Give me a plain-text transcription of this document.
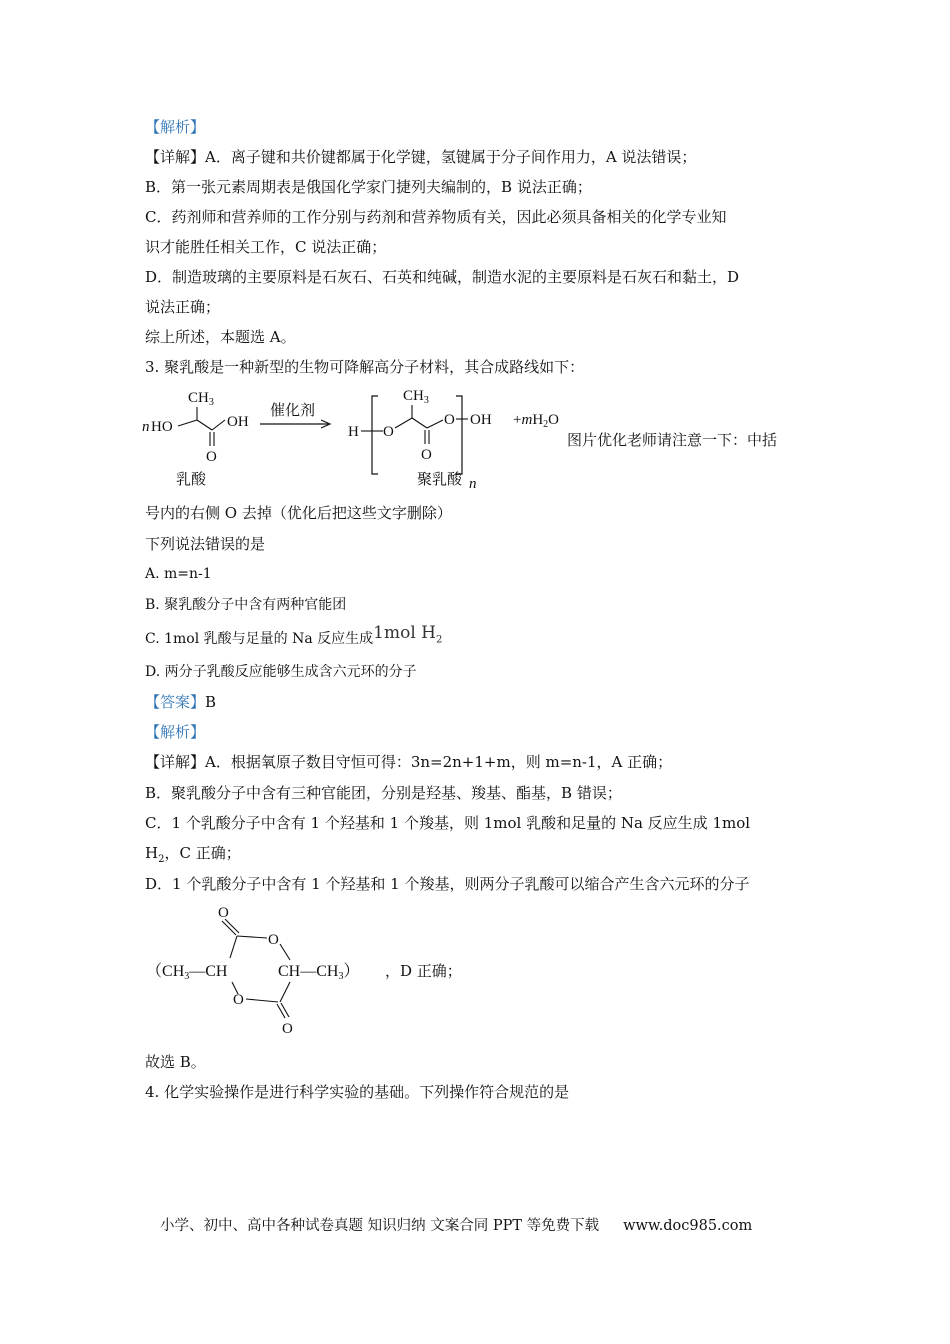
【解析】
【详解】A．离子键和共价键都属于化学键，氢键属于分子间作用力，A 说法错误；
B．第一张元素周期表是俄国化学家门捷列夫编制的，B 说法正确；
C．药剂师和营养师的工作分别与药剂和营养物质有关，因此必须具备相关的化学专业知
识才能胜任相关工作，C 说法正确；
D．制造玻璃的主要原料是石灰石、石英和纯碱，制造水泥的主要原料是石灰石和黏土，D
说法正确；
综上所述，本题选 A。
3. 聚乳酸是一种新型的生物可降解高分子材料，其合成路线如下：
$CH_3$
n HO	OH
O
乳酸
催化剂
H O
$CH_3$
O
O OH
n
聚乳酸
$+mH_2O$
图片优化老师请注意一下：中括
号内的右侧 O 去掉（优化后把这些文字删除）
下列说法错误的是
A. m=n-1
B. 聚乳酸分子中含有两种官能团
C. 1mol 乳酸与足量的 Na 反应生成1mol $H_2$
D. 两分子乳酸反应能够生成含六元环的分子
【答案】B
【解析】
【详解】A．根据氧原子数目守恒可得：3n=2n+1+m，则 m=n-1，A 正确；
B．聚乳酸分子中含有三种官能团，分别是羟基、羧基、酯基，B 错误；
C．1 个乳酸分子中含有 1 个羟基和 1 个羧基，则 1mol 乳酸和足量的 Na 反应生成 1mol
$H_2$，C 正确；
D．1 个乳酸分子中含有 1 个羟基和 1 个羧基，则两分子乳酸可以缩合产生含六元环的分子
O
O
（CH3—CH	CH—CH3）
O
O
，D 正确；
故选 B。
4. 化学实验操作是进行科学实验的基础。下列操作符合规范的是
小学、初中、高中各种试卷真题 知识归纳 文案合同 PPT 等免费下载 www.doc985.com
